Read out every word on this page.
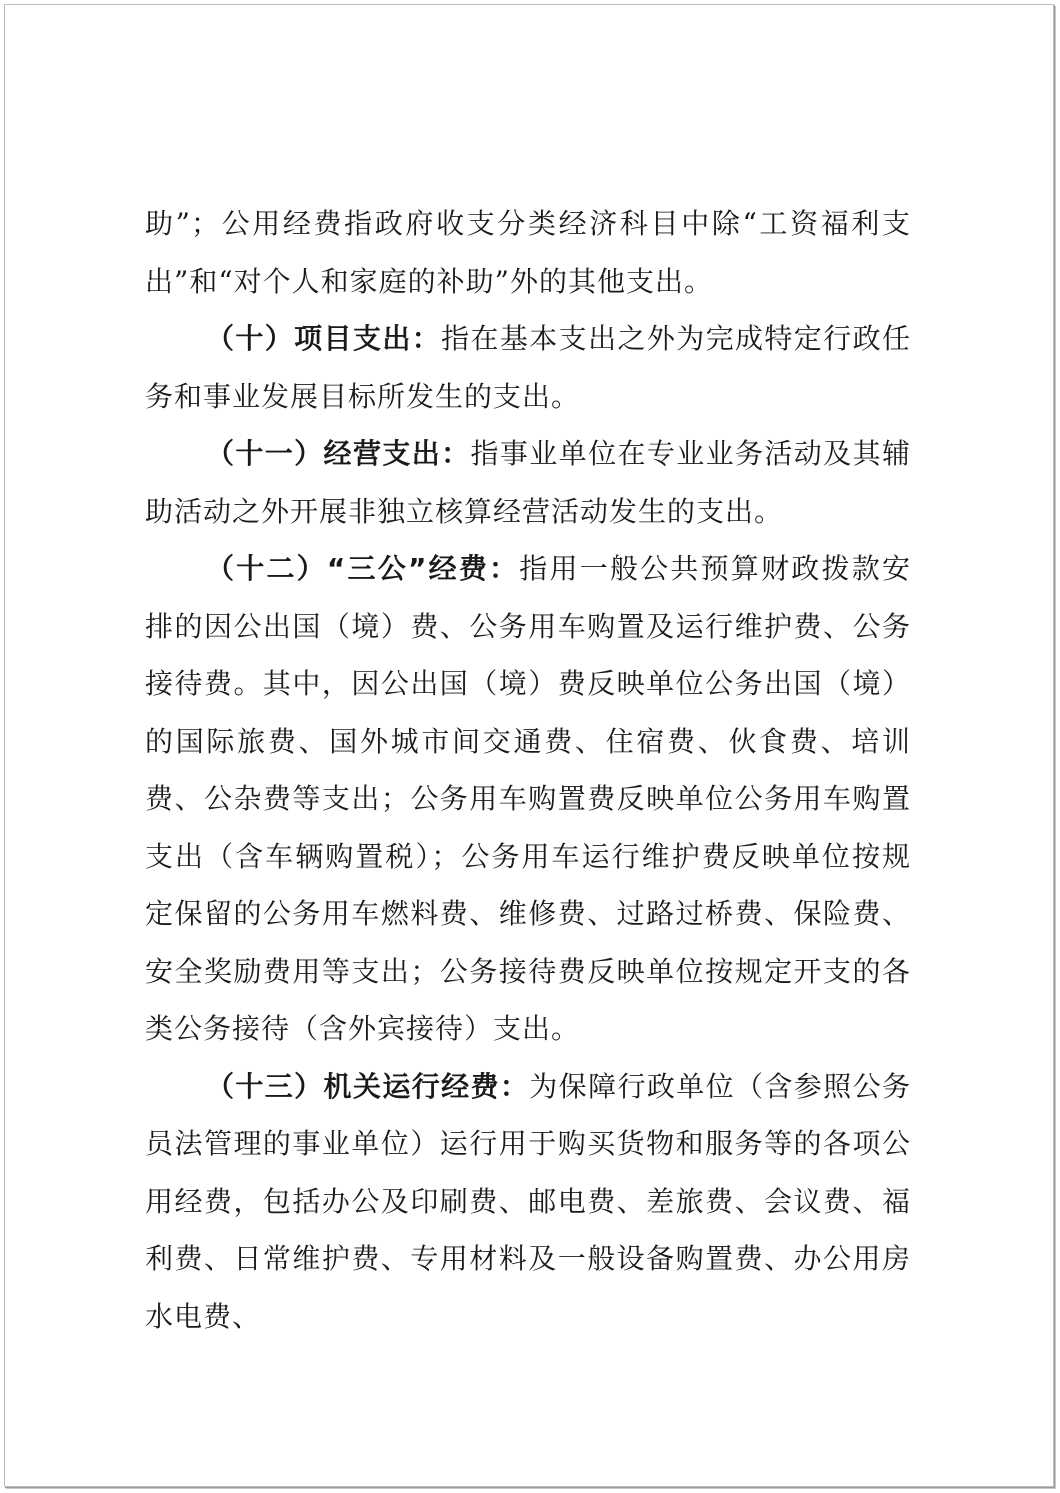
助”；公用经费指政府收支分类经济科目中除“工资福利支出”和“对个人和家庭的补助”外的其他支出。

（十）项目支出：指在基本支出之外为完成特定行政任务和事业发展目标所发生的支出。

（十一）经营支出：指事业单位在专业业务活动及其辅助活动之外开展非独立核算经营活动发生的支出。

（十二）“三公”经费：指用一般公共预算财政拨款安排的因公出国（境）费、公务用车购置及运行维护费、公务接待费。其中，因公出国（境）费反映单位公务出国（境）的国际旅费、国外城市间交通费、住宿费、伙食费、培训费、公杂费等支出；公务用车购置费反映单位公务用车购置支出（含车辆购置税）；公务用车运行维护费反映单位按规定保留的公务用车燃料费、维修费、过路过桥费、保险费、安全奖励费用等支出；公务接待费反映单位按规定开支的各类公务接待（含外宾接待）支出。

（十三）机关运行经费：为保障行政单位（含参照公务员法管理的事业单位）运行用于购买货物和服务等的各项公用经费，包括办公及印刷费、邮电费、差旅费、会议费、福利费、日常维护费、专用材料及一般设备购置费、办公用房水电费、
